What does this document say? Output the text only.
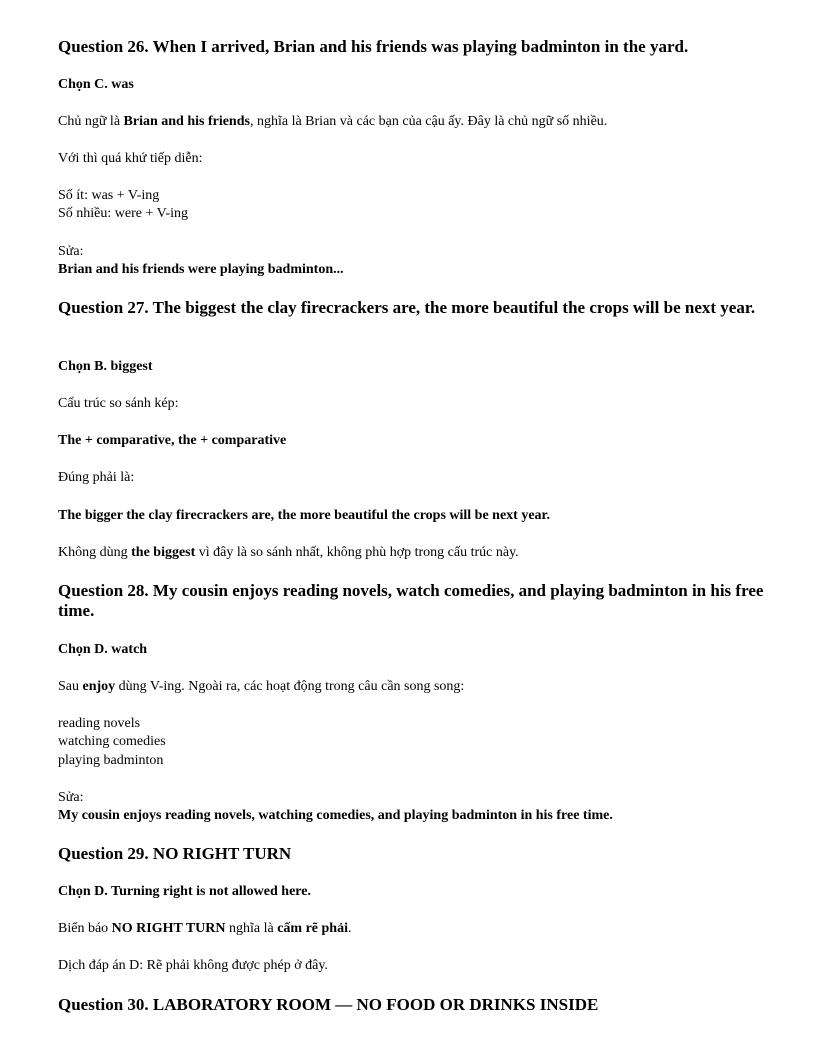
Question 26. When I arrived, Brian and his friends was playing badminton in the yard.
Chọn C. was
Chủ ngữ là Brian and his friends, nghĩa là Brian và các bạn của cậu ấy. Đây là chủ ngữ số nhiều.
Với thì quá khứ tiếp diễn:
Số ít: was + V-ing
Số nhiều: were + V-ing
Sửa:
Brian and his friends were playing badminton...
Question 27. The biggest the clay firecrackers are, the more beautiful the crops will be next year.
Chọn B. biggest
Cấu trúc so sánh kép:
The + comparative, the + comparative
Đúng phải là:
The bigger the clay firecrackers are, the more beautiful the crops will be next year.
Không dùng the biggest vì đây là so sánh nhất, không phù hợp trong cấu trúc này.
Question 28. My cousin enjoys reading novels, watch comedies, and playing badminton in his free time.
Chọn D. watch
Sau enjoy dùng V-ing. Ngoài ra, các hoạt động trong câu cần song song:
reading novels
watching comedies
playing badminton
Sửa:
My cousin enjoys reading novels, watching comedies, and playing badminton in his free time.
Question 29. NO RIGHT TURN
Chọn D. Turning right is not allowed here.
Biển báo NO RIGHT TURN nghĩa là cấm rẽ phải.
Dịch đáp án D: Rẽ phải không được phép ở đây.
Question 30. LABORATORY ROOM — NO FOOD OR DRINKS INSIDE
